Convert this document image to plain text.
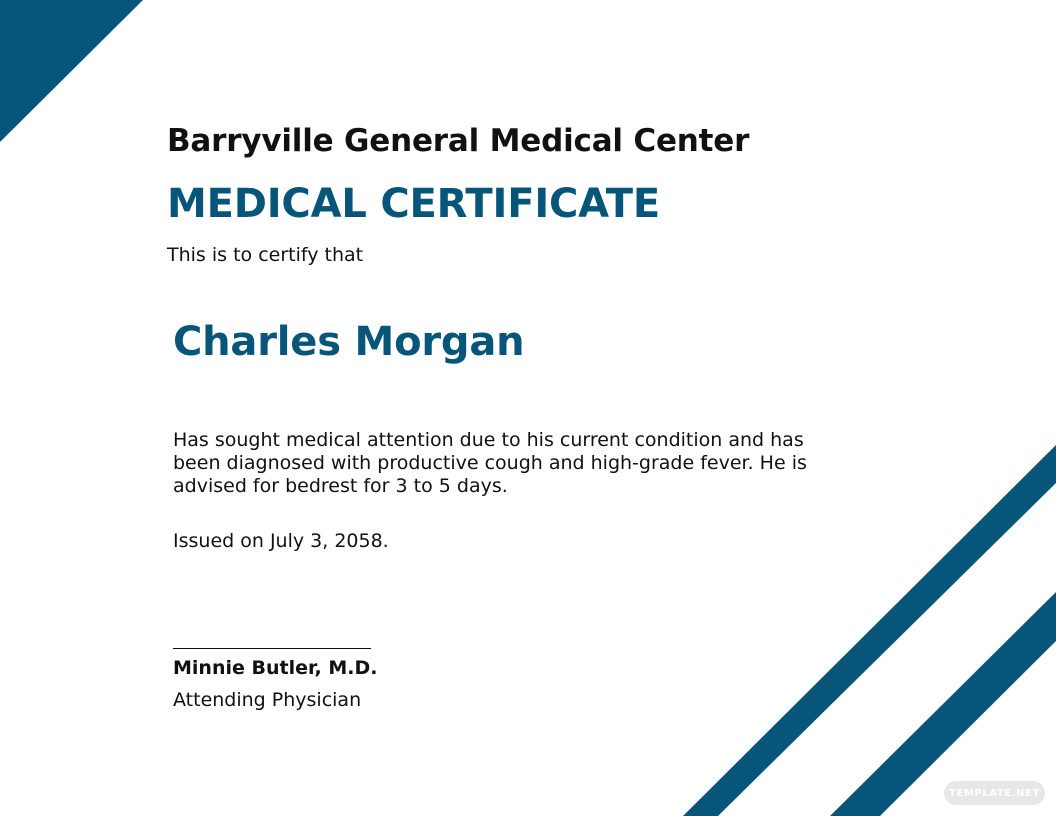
Barryville General Medical Center
MEDICAL CERTIFICATE
This is to certify that
Charles Morgan

Has sought medical attention due to his current condition and has been diagnosed with productive cough and high-grade fever. He is advised for bedrest for 3 to 5 days.

Issued on July 3, 2058.
Minnie Butler, M.D.
Attending Physician
TEMPLATE.NET
